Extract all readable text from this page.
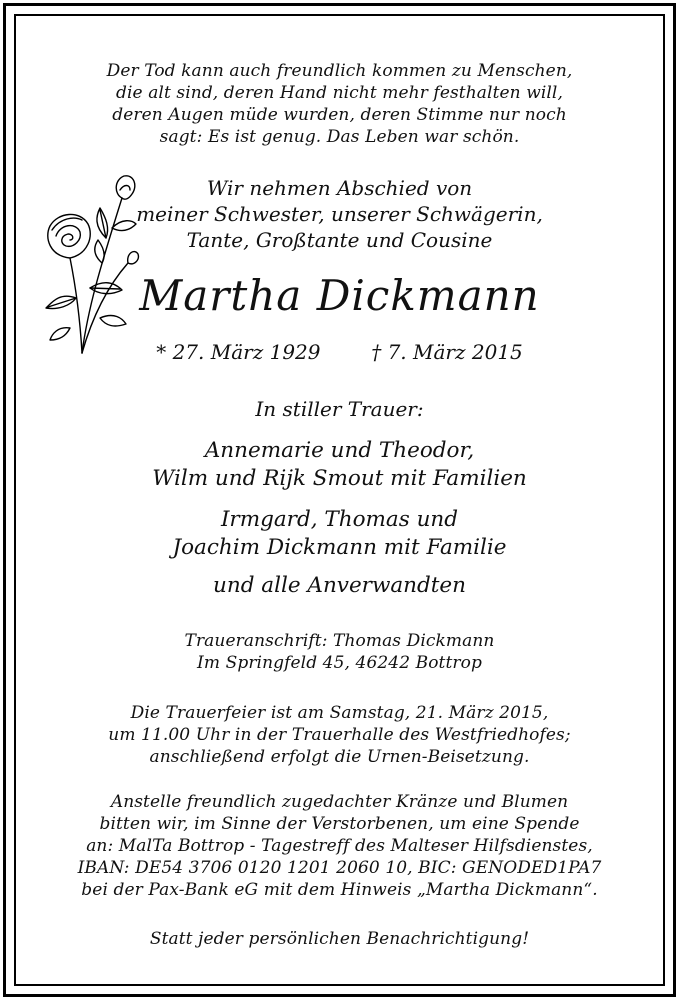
Der Tod kann auch freundlich kommen zu Menschen,
die alt sind, deren Hand nicht mehr festhalten will,
deren Augen müde wurden, deren Stimme nur noch
sagt: Es ist genug. Das Leben war schön.
Wir nehmen Abschied von
meiner Schwester, unserer Schwägerin,
Tante, Großtante und Cousine
Martha Dickmann
* 27. März 1929	† 7. März 2015
In stiller Trauer:
Annemarie und Theodor,
Wilm und Rijk Smout mit Familien
Irmgard, Thomas und
Joachim Dickmann mit Familie
und alle Anverwandten
Traueranschrift: Thomas Dickmann
Im Springfeld 45, 46242 Bottrop
Die Trauerfeier ist am Samstag, 21. März 2015,
um 11.00 Uhr in der Trauerhalle des Westfriedhofes;
anschließend erfolgt die Urnen-Beisetzung.
Anstelle freundlich zugedachter Kränze und Blumen
bitten wir, im Sinne der Verstorbenen, um eine Spende
an: MalTa Bottrop - Tagestreff des Malteser Hilfsdienstes,
IBAN: DE54 3706 0120 1201 2060 10, BIC: GENODED1PA7
bei der Pax-Bank eG mit dem Hinweis „Martha Dickmann“.
Statt jeder persönlichen Benachrichtigung!
